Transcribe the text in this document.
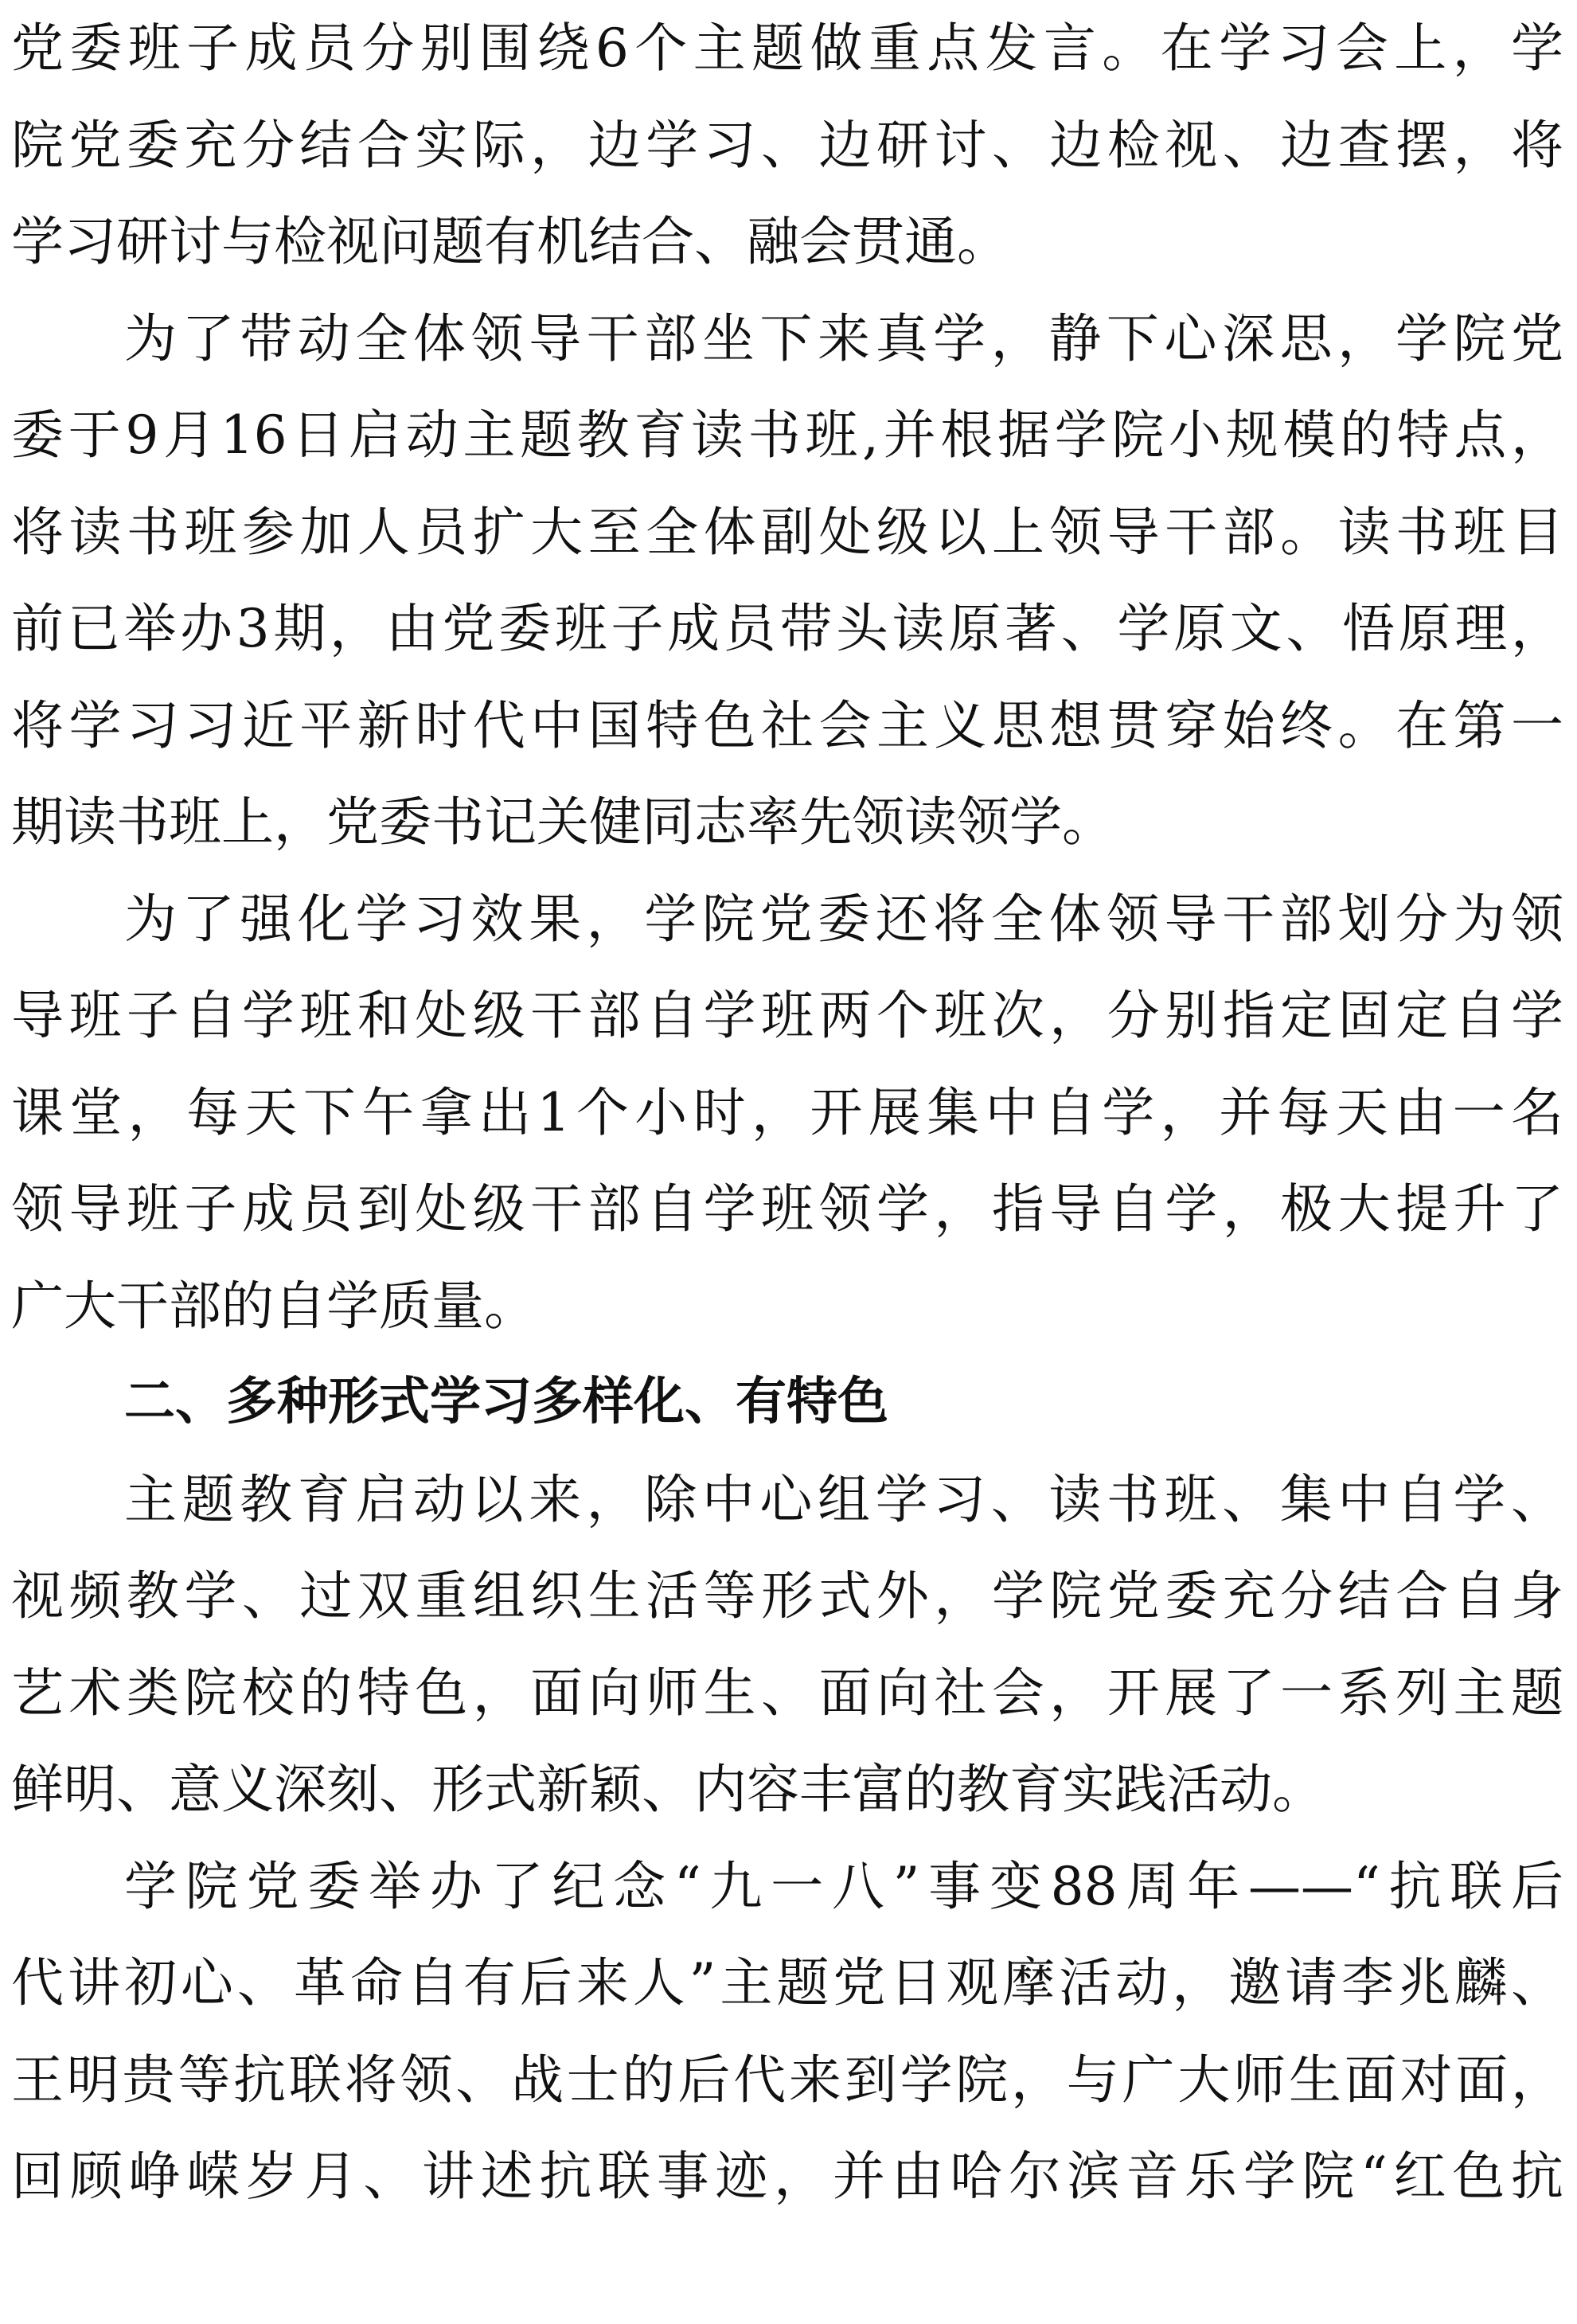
党委班子成员分别围绕6个主题做重点发言。在学习会上，学
院党委充分结合实际，边学习、边研讨、边检视、边查摆，将
学习研讨与检视问题有机结合、融会贯通。
为了带动全体领导干部坐下来真学，静下心深思，学院党
委于9月16日启动主题教育读书班,并根据学院小规模的特点，
将读书班参加人员扩大至全体副处级以上领导干部。读书班目
前已举办3期，由党委班子成员带头读原著、学原文、悟原理，
将学习习近平新时代中国特色社会主义思想贯穿始终。在第一
期读书班上，党委书记关健同志率先领读领学。
为了强化学习效果，学院党委还将全体领导干部划分为领
导班子自学班和处级干部自学班两个班次，分别指定固定自学
课堂，每天下午拿出1个小时，开展集中自学，并每天由一名
领导班子成员到处级干部自学班领学，指导自学，极大提升了
广大干部的自学质量。
二、多种形式学习多样化、有特色
主题教育启动以来，除中心组学习、读书班、集中自学、
视频教学、过双重组织生活等形式外，学院党委充分结合自身
艺术类院校的特色，面向师生、面向社会，开展了一系列主题
鲜明、意义深刻、形式新颖、内容丰富的教育实践活动。
学院党委举办了纪念“九一八”事变88周年——“抗联后
代讲初心、革命自有后来人”主题党日观摩活动，邀请李兆麟、
王明贵等抗联将领、战士的后代来到学院，与广大师生面对面，
回顾峥嵘岁月、讲述抗联事迹，并由哈尔滨音乐学院“红色抗
